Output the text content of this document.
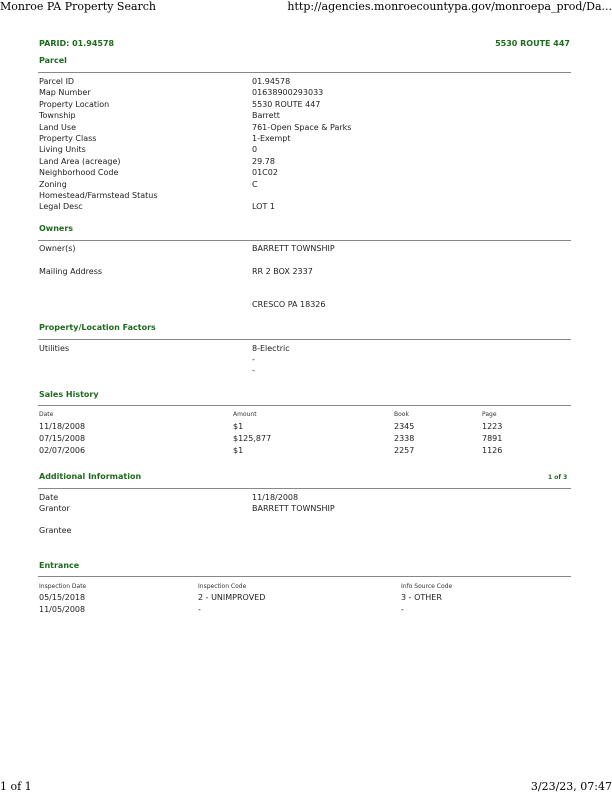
Monroe PA Property Search	http://agencies.monroecountypa.gov/monroepa_prod/Da...
1 of 1	3/23/23, 07:47
PARID: 01.94578	5530 ROUTE 447
Parcel
Parcel ID	01.94578
Map Number	01638900293033
Property Location	5530 ROUTE 447
Township	Barrett
Land Use	761-Open Space & Parks
Property Class	1-Exempt
Living Units	0
Land Area (acreage)	29.78
Neighborhood Code	01C02
Zoning	C
Homestead/Farmstead Status
Legal Desc	LOT 1
Owners
Owner(s)	BARRETT TOWNSHIP
Mailing Address	RR 2 BOX 2337
CRESCO PA 18326
Property/Location Factors
Utilities	8-Electric
-
-
Sales History
Date	Amount	Book	Page
11/18/2008	$1	2345	1223
07/15/2008	$125,877	2338	7891
02/07/2006	$1	2257	1126
Additional Information	1 of 3
Date	11/18/2008
Grantor	BARRETT TOWNSHIP
Grantee
Entrance
Inspection Date	Inspection Code	Info Source Code
05/15/2018	2 - UNIMPROVED	3 - OTHER
11/05/2008	-	-
